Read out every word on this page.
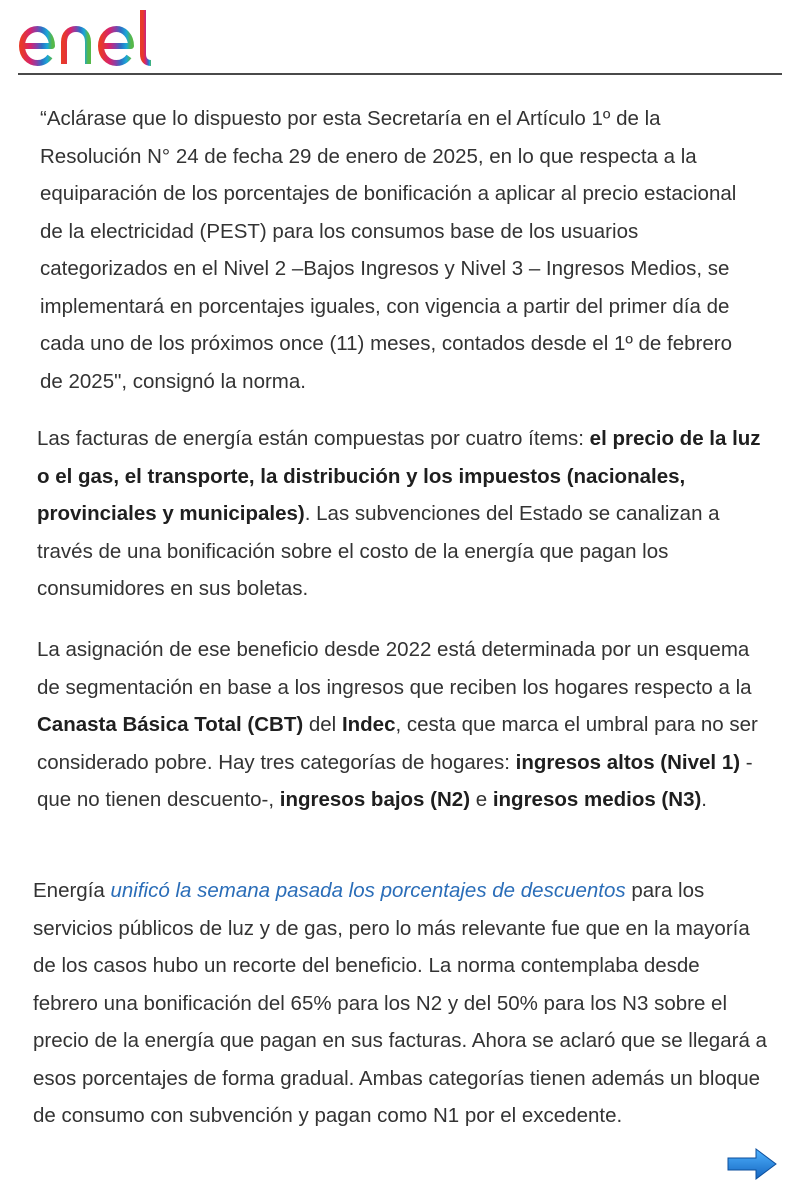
“Aclárase que lo dispuesto por esta Secretaría en el Artículo 1º de la Resolución N° 24 de fecha 29 de enero de 2025, en lo que respecta a la equiparación de los porcentajes de bonificación a aplicar al precio estacional de la electricidad (PEST) para los consumos base de los usuarios categorizados en el Nivel 2 –Bajos Ingresos y Nivel 3 – Ingresos Medios, se implementará en porcentajes iguales, con vigencia a partir del primer día de cada uno de los próximos once (11) meses, contados desde el 1º de febrero de 2025", consignó la norma.

Las facturas de energía están compuestas por cuatro ítems: el precio de la luz o el gas, el transporte, la distribución y los impuestos (nacionales, provinciales y municipales). Las subvenciones del Estado se canalizan a través de una bonificación sobre el costo de la energía que pagan los consumidores en sus boletas.

La asignación de ese beneficio desde 2022 está determinada por un esquema de segmentación en base a los ingresos que reciben los hogares respecto a la Canasta Básica Total (CBT) del Indec, cesta que marca el umbral para no ser considerado pobre. Hay tres categorías de hogares: ingresos altos (Nivel 1) -que no tienen descuento-, ingresos bajos (N2) e ingresos medios (N3).

Energía unificó la semana pasada los porcentajes de descuentos para los servicios públicos de luz y de gas, pero lo más relevante fue que en la mayoría de los casos hubo un recorte del beneficio. La norma contemplaba desde febrero una bonificación del 65% para los N2 y del 50% para los N3 sobre el precio de la energía que pagan en sus facturas. Ahora se aclaró que se llegará a esos porcentajes de forma gradual. Ambas categorías tienen además un bloque de consumo con subvención y pagan como N1 por el excedente.
